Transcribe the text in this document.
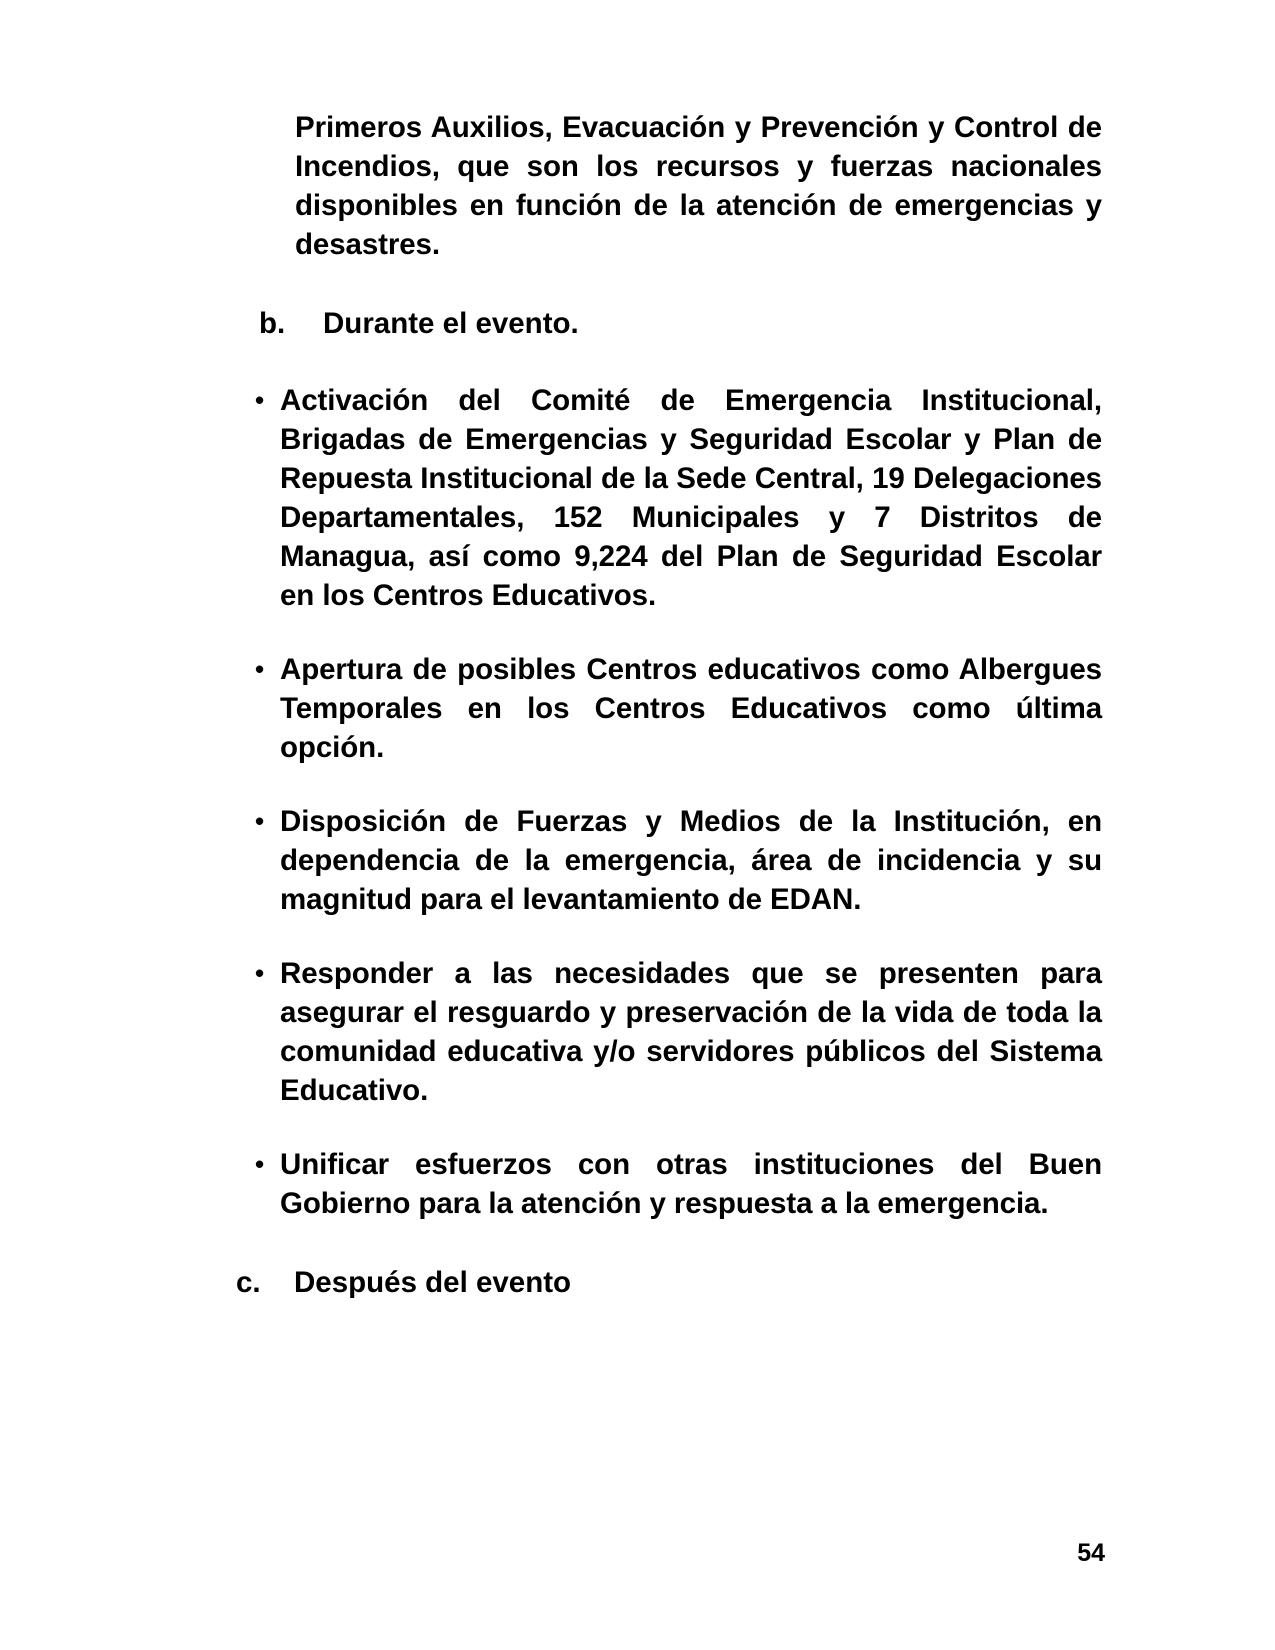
Primeros Auxilios, Evacuación y Prevención y Control de Incendios, que son los recursos y fuerzas nacionales disponibles en función de la atención de emergencias y desastres.

b.	Durante el evento.
• Activación del Comité de Emergencia Institucional, Brigadas de Emergencias y Seguridad Escolar y Plan de Repuesta Institucional de la Sede Central, 19 Delegaciones Departamentales, 152 Municipales y 7 Distritos de Managua, así como 9,224 del Plan de Seguridad Escolar en los Centros Educativos.
• Apertura de posibles Centros educativos como Albergues Temporales en los Centros Educativos como última opción.
• Disposición de Fuerzas y Medios de la Institución, en dependencia de la emergencia, área de incidencia y su magnitud para el levantamiento de EDAN.
• Responder a las necesidades que se presenten para asegurar el resguardo y preservación de la vida de toda la comunidad educativa y/o servidores públicos del Sistema Educativo.
• Unificar esfuerzos con otras instituciones del Buen Gobierno para la atención y respuesta a la emergencia.
c.	Después del evento
54
